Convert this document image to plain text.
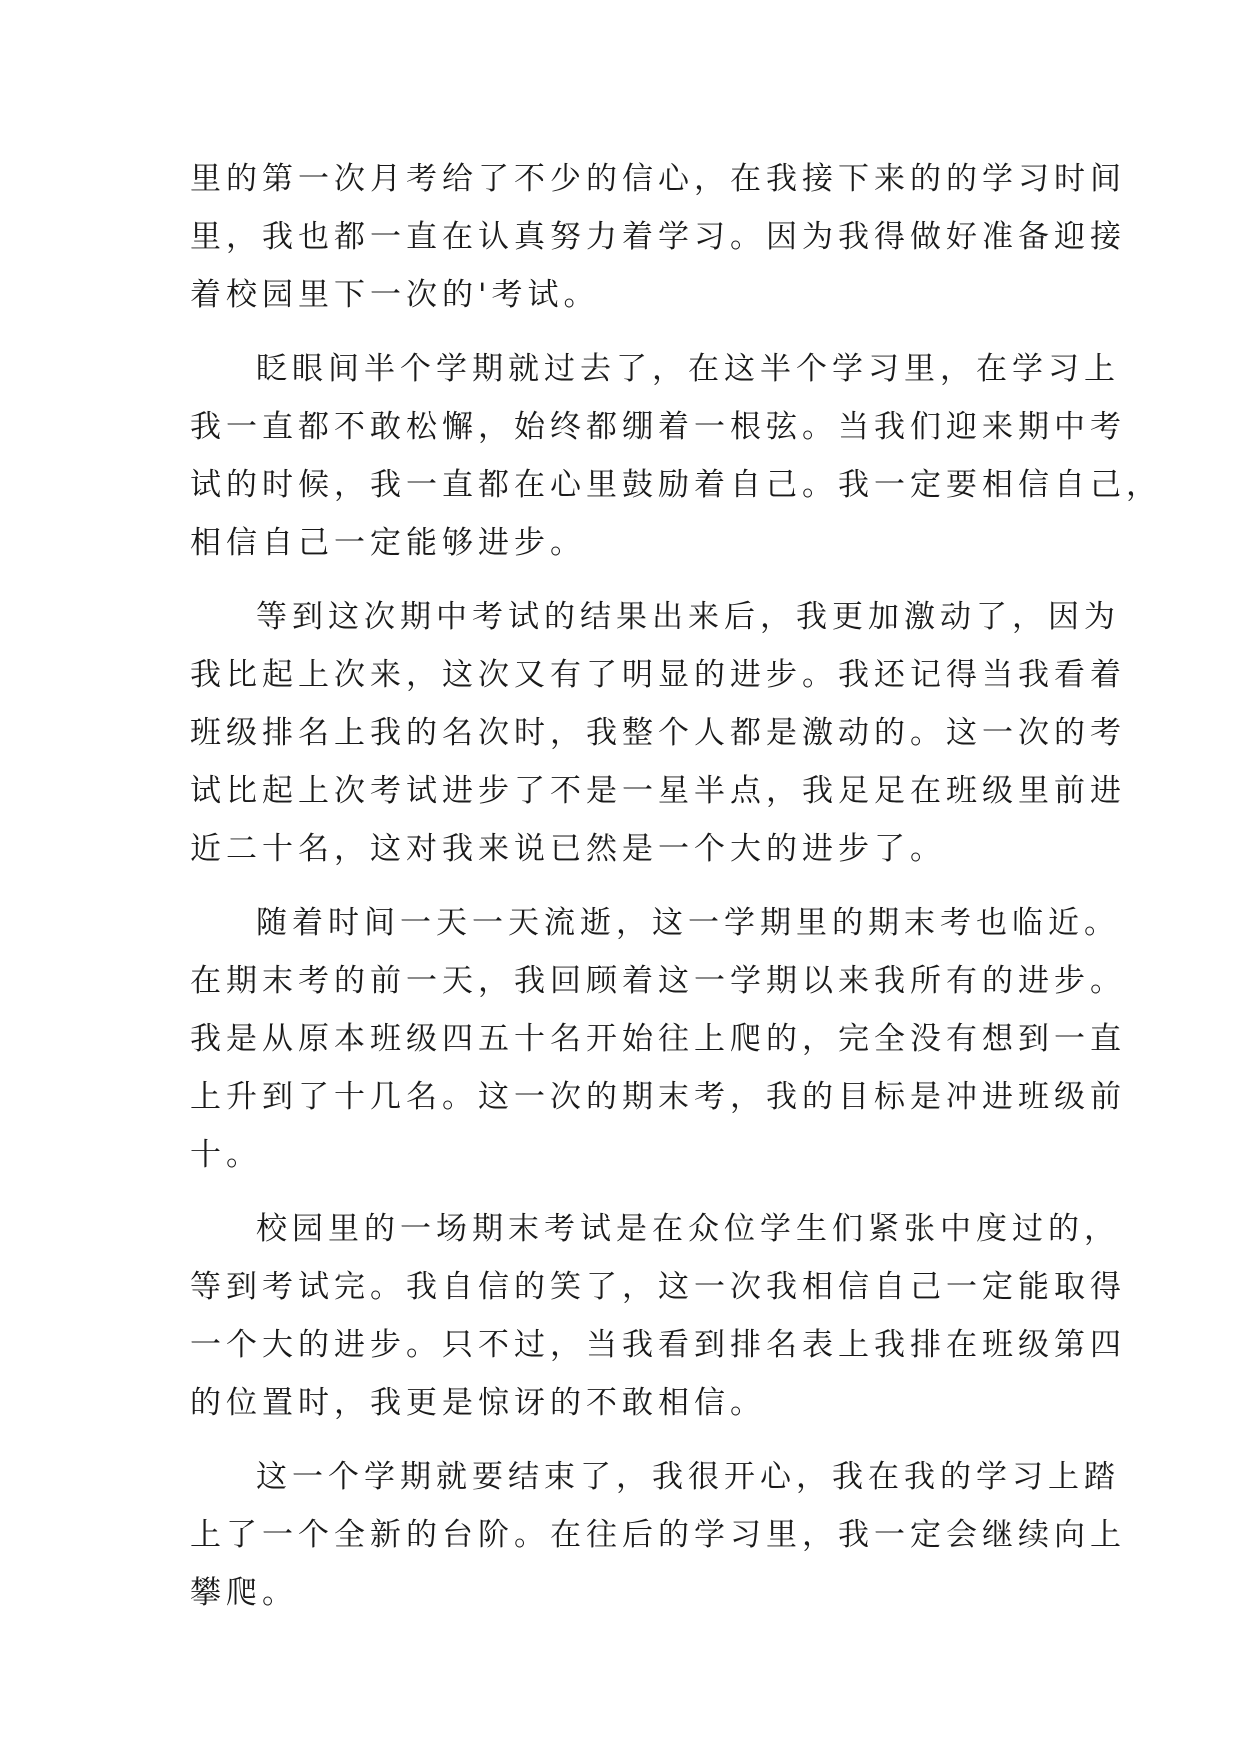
里的第一次月考给了不少的信心，在我接下来的的学习时间
里，我也都一直在认真努力着学习。因为我得做好准备迎接
着校园里下一次的'考试。
眨眼间半个学期就过去了，在这半个学习里，在学习上
我一直都不敢松懈，始终都绷着一根弦。当我们迎来期中考
试的时候，我一直都在心里鼓励着自己。我一定要相信自己，
相信自己一定能够进步。
等到这次期中考试的结果出来后，我更加激动了，因为
我比起上次来，这次又有了明显的进步。我还记得当我看着
班级排名上我的名次时，我整个人都是激动的。这一次的考
试比起上次考试进步了不是一星半点，我足足在班级里前进
近二十名，这对我来说已然是一个大的进步了。
随着时间一天一天流逝，这一学期里的期末考也临近。
在期末考的前一天，我回顾着这一学期以来我所有的进步。
我是从原本班级四五十名开始往上爬的，完全没有想到一直
上升到了十几名。这一次的期末考，我的目标是冲进班级前
十。
校园里的一场期末考试是在众位学生们紧张中度过的，
等到考试完。我自信的笑了，这一次我相信自己一定能取得
一个大的进步。只不过，当我看到排名表上我排在班级第四
的位置时，我更是惊讶的不敢相信。
这一个学期就要结束了，我很开心，我在我的学习上踏
上了一个全新的台阶。在往后的学习里，我一定会继续向上
攀爬。
